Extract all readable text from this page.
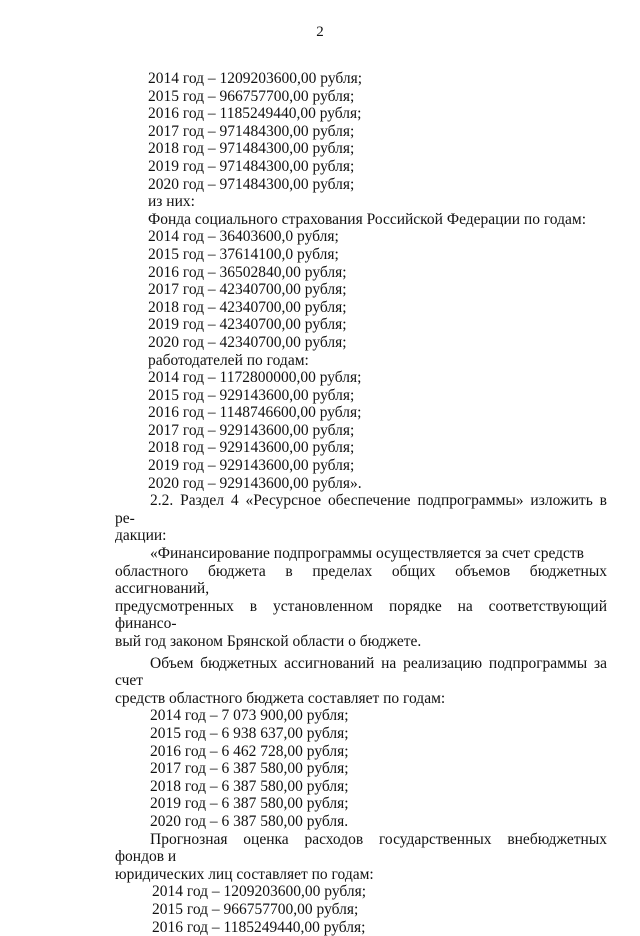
2
2014 год – 1209203600,00 рубля;
2015 год – 966757700,00 рубля;
2016 год – 1185249440,00 рубля;
2017 год – 971484300,00 рубля;
2018 год – 971484300,00 рубля;
2019 год – 971484300,00 рубля;
2020 год – 971484300,00 рубля;
из них:
Фонда социального страхования Российской Федерации по годам:
2014 год – 36403600,0 рубля;
2015 год – 37614100,0 рубля;
2016 год – 36502840,00 рубля;
2017 год – 42340700,00 рубля;
2018 год – 42340700,00 рубля;
2019 год – 42340700,00 рубля;
2020 год – 42340700,00 рубля;
работодателей по годам:
2014 год – 1172800000,00 рубля;
2015 год – 929143600,00 рубля;
2016 год – 1148746600,00 рубля;
2017 год – 929143600,00 рубля;
2018 год – 929143600,00 рубля;
2019 год – 929143600,00 рубля;
2020 год – 929143600,00 рубля».
2.2. Раздел 4 «Ресурсное обеспечение подпрограммы» изложить в ре-
дакции:
«Финансирование подпрограммы осуществляется за счет средств
областного бюджета в пределах общих объемов бюджетных ассигнований,
предусмотренных в установленном порядке на соответствующий финансо-
вый год законом Брянской области о бюджете.
Объем бюджетных ассигнований на реализацию подпрограммы за счет
средств областного бюджета составляет по годам:
2014 год – 7 073 900,00 рубля;
2015 год – 6 938 637,00 рубля;
2016 год – 6 462 728,00 рубля;
2017 год – 6 387 580,00 рубля;
2018 год – 6 387 580,00 рубля;
2019 год – 6 387 580,00 рубля;
2020 год – 6 387 580,00 рубля.
Прогнозная оценка расходов государственных внебюджетных фондов и
юридических лиц составляет по годам:
2014 год – 1209203600,00 рубля;
2015 год – 966757700,00 рубля;
2016 год – 1185249440,00 рубля;
